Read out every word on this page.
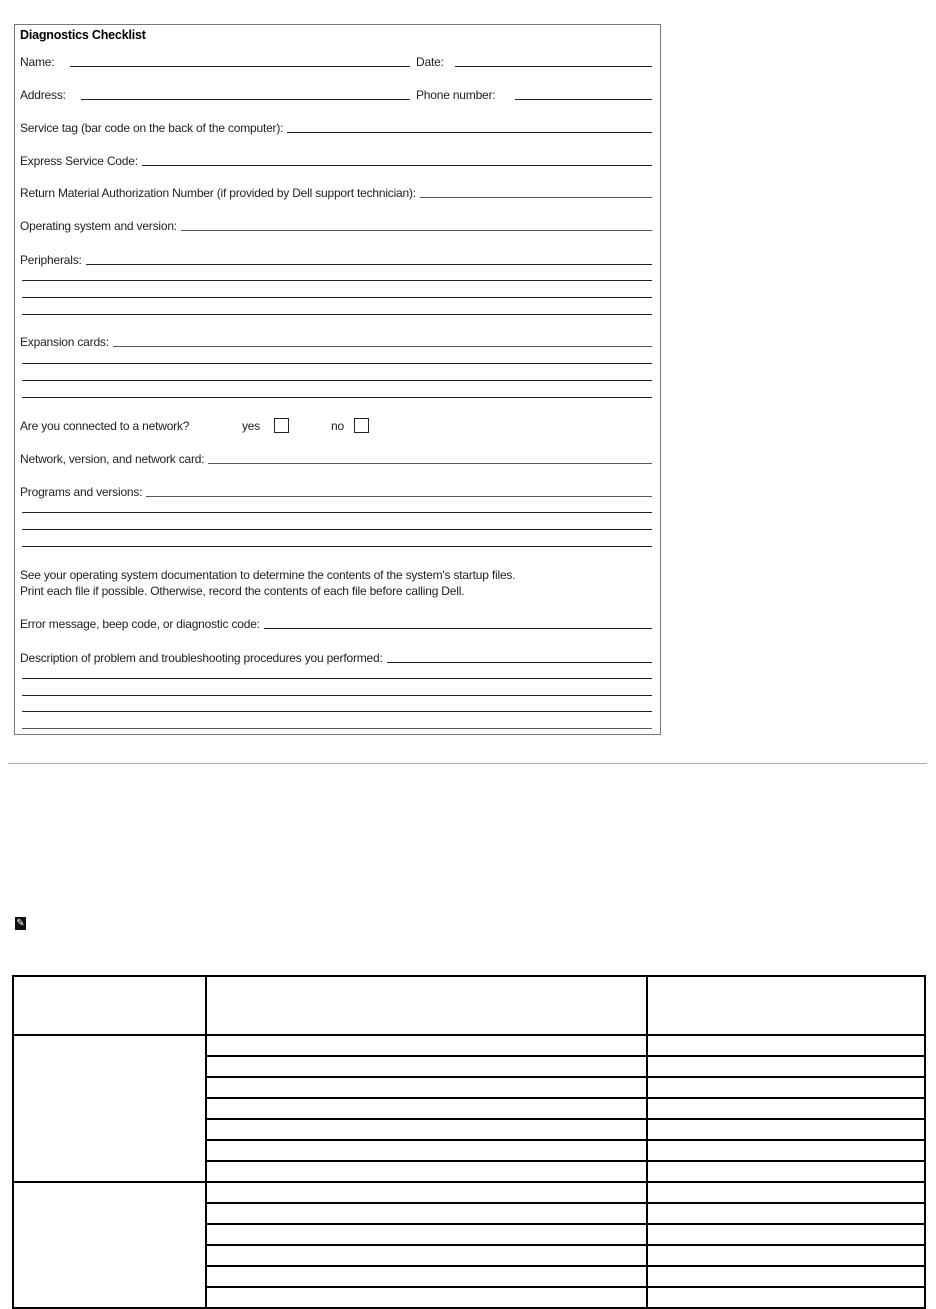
Diagnostics Checklist
Name:	Date:
Address:	Phone number:
Service tag (bar code on the back of the computer):
Express Service Code:
Return Material Authorization Number (if provided by Dell support technician):
Operating system and version:
Peripherals:
Expansion cards:
Are you connected to a network?	yes	no
Network, version, and network card:
Programs and versions:
See your operating system documentation to determine the contents of the system's startup files.
Print each file if possible. Otherwise, record the contents of each file before calling Dell.
Error message, beep code, or diagnostic code:
Description of problem and troubleshooting procedures you performed:
✎
